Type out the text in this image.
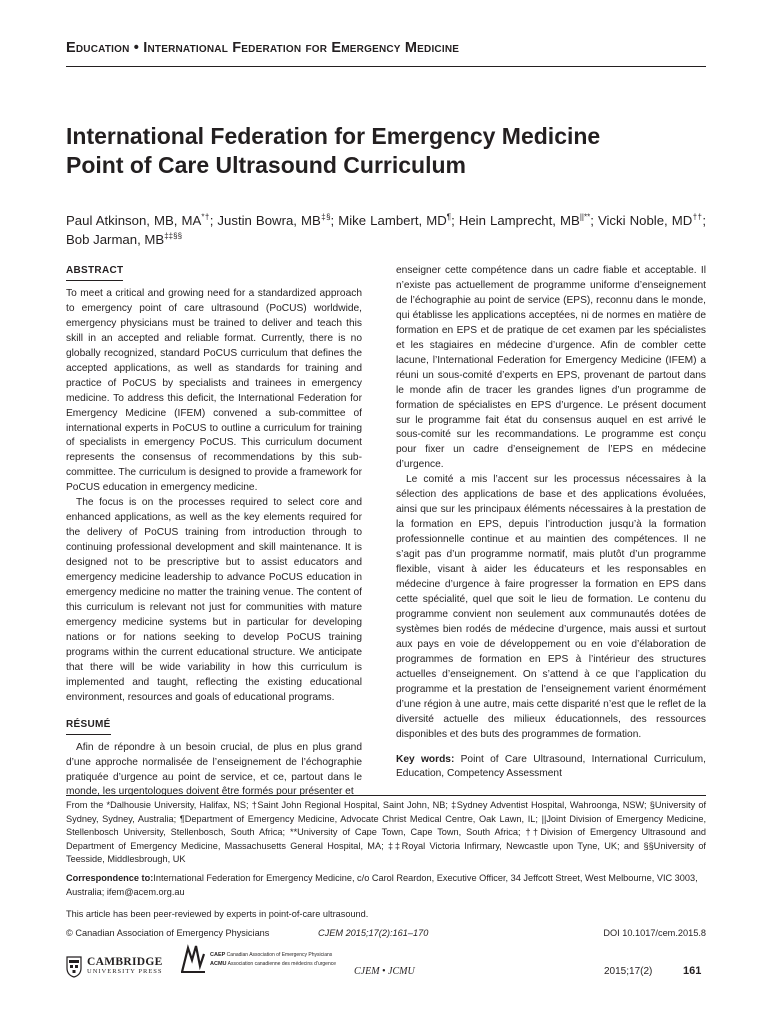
Education • International Federation for Emergency Medicine
International Federation for Emergency Medicine
Point of Care Ultrasound Curriculum
Paul Atkinson, MB, MA*†; Justin Bowra, MB‡§; Mike Lambert, MD¶; Hein Lamprecht, MB||**; Vicki Noble, MD††; Bob Jarman, MB‡‡§§
ABSTRACT

To meet a critical and growing need for a standardized approach to emergency point of care ultrasound (PoCUS) worldwide, emergency physicians must be trained to deliver and teach this skill in an accepted and reliable format. Currently, there is no globally recognized, standard PoCUS curriculum that defines the accepted applications, as well as standards for training and practice of PoCUS by specialists and trainees in emergency medicine. To address this deficit, the International Federation for Emergency Medicine (IFEM) convened a sub-committee of international experts in PoCUS to outline a curriculum for training of specialists in emergency PoCUS. This curriculum document represents the consensus of recommendations by this sub-committee. The curriculum is designed to provide a framework for PoCUS education in emergency medicine.

The focus is on the processes required to select core and enhanced applications, as well as the key elements required for the delivery of PoCUS training from introduction through to continuing professional development and skill maintenance. It is designed not to be prescriptive but to assist educators and emergency medicine leadership to advance PoCUS education in emergency medicine no matter the training venue. The content of this curriculum is relevant not just for communities with mature emergency medicine systems but in particular for developing nations or for nations seeking to develop PoCUS training programs within the current educational structure. We anticipate that there will be wide variability in how this curriculum is implemented and taught, reflecting the existing educational environment, resources and goals of educational programs.

RÉSUMÉ

Afin de répondre à un besoin crucial, de plus en plus grand d’une approche normalisée de l’enseignement de l’échographie pratiquée d’urgence au point de service, et ce, partout dans le monde, les urgentologues doivent être formés pour présenter et

enseigner cette compétence dans un cadre fiable et acceptable. Il n’existe pas actuellement de programme uniforme d’enseignement de l’échographie au point de service (EPS), reconnu dans le monde, qui établisse les applications acceptées, ni de normes en matière de formation en EPS et de pratique de cet examen par les spécialistes et les stagiaires en médecine d’urgence. Afin de combler cette lacune, l’International Federation for Emergency Medicine (IFEM) a réuni un sous-comité d’experts en EPS, provenant de partout dans le monde afin de tracer les grandes lignes d’un programme de formation de spécialistes en EPS d’urgence. Le présent document sur le programme fait état du consensus auquel en est arrivé le sous-comité sur les recommandations. Le programme est conçu pour fixer un cadre d’enseignement de l’EPS en médecine d’urgence.

Le comité a mis l’accent sur les processus nécessaires à la sélection des applications de base et des applications évoluées, ainsi que sur les principaux éléments nécessaires à la prestation de la formation en EPS, depuis l’introduction jusqu’à la formation professionnelle continue et au maintien des compétences. Il ne s’agit pas d’un programme normatif, mais plutôt d’un programme flexible, visant à aider les éducateurs et les responsables en médecine d’urgence à faire progresser la formation en EPS dans cette spécialité, quel que soit le lieu de formation. Le contenu du programme convient non seulement aux communautés dotées de systèmes bien rodés de médecine d’urgence, mais aussi et surtout aux pays en voie de développement ou en voie d’élaboration de programmes de formation en EPS à l’intérieur des structures actuelles d’enseignement. On s’attend à ce que l’application du programme et la prestation de l’enseignement varient énormément d’une région à une autre, mais cette disparité n’est que le reflet de la diversité actuelle des milieux éducationnels, des ressources disponibles et des buts des programmes de formation.

Key words: Point of Care Ultrasound, International Curriculum, Education, Competency Assessment

From the *Dalhousie University, Halifax, NS; †Saint John Regional Hospital, Saint John, NB; ‡Sydney Adventist Hospital, Wahroonga, NSW; §University of Sydney, Sydney, Australia; ¶Department of Emergency Medicine, Advocate Christ Medical Centre, Oak Lawn, IL; ||Joint Division of Emergency Medicine, Stellenbosch University, Stellenbosch, South Africa; **University of Cape Town, Cape Town, South Africa; ††Division of Emergency Ultrasound and Department of Emergency Medicine, Massachusetts General Hospital, MA; ‡‡Royal Victoria Infirmary, Newcastle upon Tyne, UK; and §§University of Teesside, Middlesbrough, UK
Correspondence to:International Federation for Emergency Medicine, c/o Carol Reardon, Executive Officer, 34 Jeffcott Street, West Melbourne, VIC 3003, Australia; ifem@acem.org.au
This article has been peer-reviewed by experts in point-of-care ultrasound.
© Canadian Association of Emergency Physicians	CJEM 2015;17(2):161–170	DOI 10.1017/cem.2015.8
CAMBRIDGE
UNIVERSITY PRESS
CAEP Canadian Association of Emergency Physicians
ACMU Association canadienne des médecins d’urgence
CJEM • JCMU	2015;17(2)	161
